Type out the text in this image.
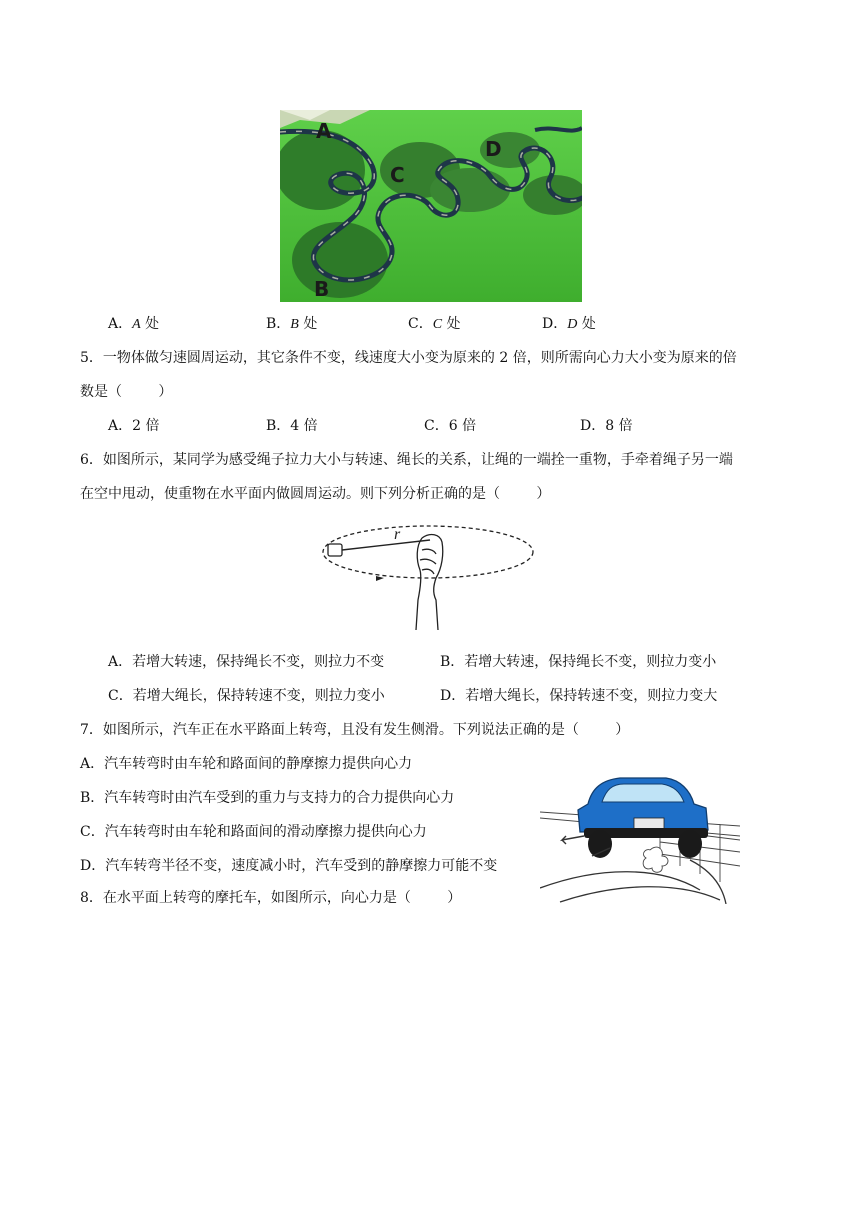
A
B
C
D
A．A 处	B．B 处	C．C 处	D．D 处
5．一物体做匀速圆周运动，其它条件不变，线速度大小变为原来的 2 倍，则所需向心力大小变为原来的倍
数是（	）
A．2 倍	B．4 倍	C．6 倍	D．8 倍
6．如图所示，某同学为感受绳子拉力大小与转速、绳长的关系，让绳的一端拴一重物，手牵着绳子另一端
在空中甩动，使重物在水平面内做圆周运动。则下列分析正确的是（	）
r
A．若增大转速，保持绳长不变，则拉力不变	B．若增大转速，保持绳长不变，则拉力变小
C．若增大绳长，保持转速不变，则拉力变小	D．若增大绳长，保持转速不变，则拉力变大
7．如图所示，汽车正在水平路面上转弯，且没有发生侧滑。下列说法正确的是（	）
A．汽车转弯时由车轮和路面间的静摩擦力提供向心力
B．汽车转弯时由汽车受到的重力与支持力的合力提供向心力
C．汽车转弯时由车轮和路面间的滑动摩擦力提供向心力
D．汽车转弯半径不变，速度减小时，汽车受到的静摩擦力可能不变
8．在水平面上转弯的摩托车，如图所示，向心力是（	）
